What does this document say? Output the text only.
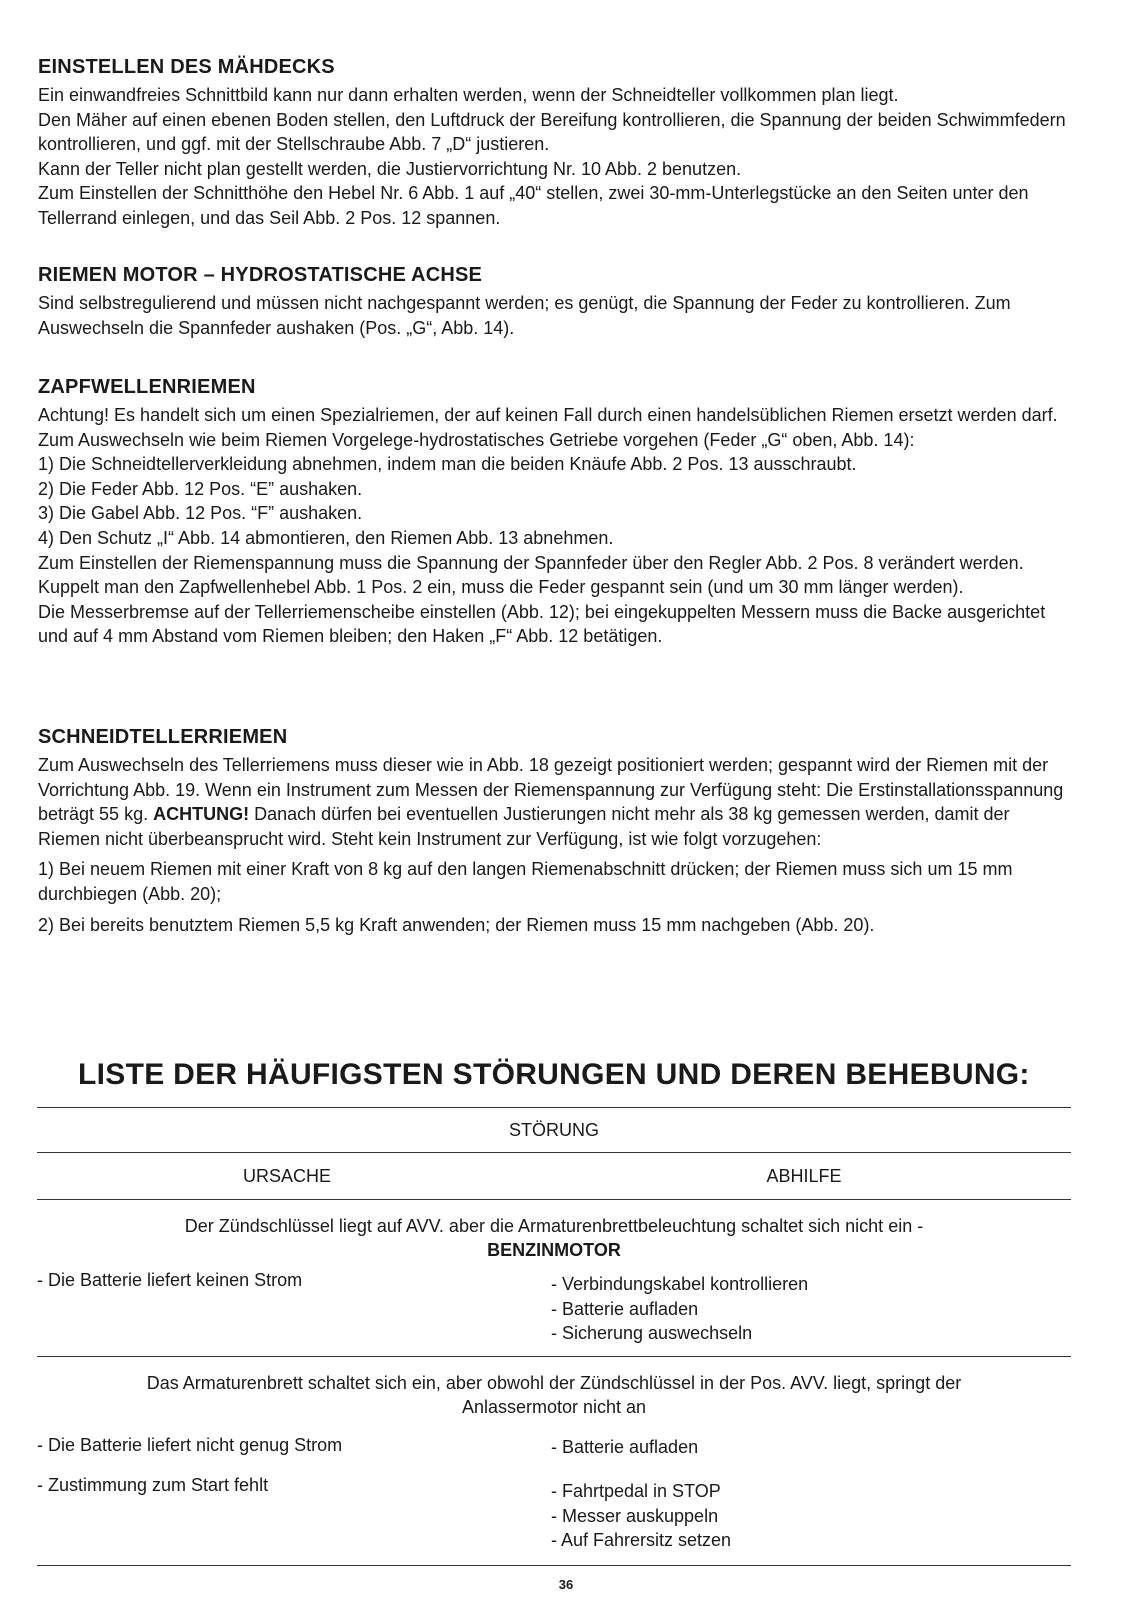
EINSTELLEN DES MÄHDECKS

Ein einwandfreies Schnittbild kann nur dann erhalten werden, wenn der Schneidteller vollkommen plan liegt.

Den Mäher auf einen ebenen Boden stellen, den Luftdruck der Bereifung kontrollieren, die Spannung der beiden Schwimmfedern kontrollieren, und ggf. mit der Stellschraube Abb. 7 „D“ justieren.

Kann der Teller nicht plan gestellt werden, die Justiervorrichtung Nr. 10 Abb. 2 benutzen.

Zum Einstellen der Schnitthöhe den Hebel Nr. 6 Abb. 1 auf „40“ stellen, zwei 30-mm-Unterlegstücke an den Seiten unter den Tellerrand einlegen, und das Seil Abb. 2 Pos. 12 spannen.

RIEMEN MOTOR – HYDROSTATISCHE ACHSE

Sind selbstregulierend und müssen nicht nachgespannt werden; es genügt, die Spannung der Feder zu kontrollieren. Zum Auswechseln die Spannfeder aushaken (Pos. „G“, Abb. 14).

ZAPFWELLENRIEMEN

Achtung! Es handelt sich um einen Spezialriemen, der auf keinen Fall durch einen handelsüblichen Riemen ersetzt werden darf.

Zum Auswechseln wie beim Riemen Vorgelege-hydrostatisches Getriebe vorgehen (Feder „G“ oben, Abb. 14):

1) Die Schneidtellerverkleidung abnehmen, indem man die beiden Knäufe Abb. 2 Pos. 13 ausschraubt.

2) Die Feder Abb. 12 Pos. “E” aushaken.

3) Die Gabel Abb. 12 Pos. “F” aushaken.

4) Den Schutz „I“ Abb. 14 abmontieren, den Riemen Abb. 13 abnehmen.

Zum Einstellen der Riemenspannung muss die Spannung der Spannfeder über den Regler Abb. 2 Pos. 8 verändert werden. Kuppelt man den Zapfwellenhebel Abb. 1 Pos. 2 ein, muss die Feder gespannt sein (und um 30 mm länger werden).

Die Messerbremse auf der Tellerriemenscheibe einstellen (Abb. 12); bei eingekuppelten Messern muss die Backe ausgerichtet und auf 4 mm Abstand vom Riemen bleiben; den Haken „F“ Abb. 12 betätigen.

SCHNEIDTELLERRIEMEN

Zum Auswechseln des Tellerriemens muss dieser wie in Abb. 18 gezeigt positioniert werden; gespannt wird der Riemen mit der Vorrichtung Abb. 19. Wenn ein Instrument zum Messen der Riemenspannung zur Verfügung steht: Die Erstinstallationsspannung beträgt 55 kg. ACHTUNG! Danach dürfen bei eventuellen Justierungen nicht mehr als 38 kg gemessen werden, damit der Riemen nicht überbeansprucht wird. Steht kein Instrument zur Verfügung, ist wie folgt vorzugehen:

1) Bei neuem Riemen mit einer Kraft von 8 kg auf den langen Riemenabschnitt drücken; der Riemen muss sich um 15 mm durchbiegen (Abb. 20);

2) Bei bereits benutztem Riemen 5,5 kg Kraft anwenden; der Riemen muss 15 mm nachgeben (Abb. 20).

LISTE DER HÄUFIGSTEN STÖRUNGEN UND DEREN BEHEBUNG:
STÖRUNG
URSACHE	ABHILFE
Der Zündschlüssel liegt auf AVV. aber die Armaturenbrettbeleuchtung schaltet sich nicht ein -
BENZINMOTOR
- Die Batterie liefert keinen Strom	- Verbindungskabel kontrollieren
- Batterie aufladen
- Sicherung auswechseln
Das Armaturenbrett schaltet sich ein, aber obwohl der Zündschlüssel in der Pos. AVV. liegt, springt der Anlassermotor nicht an
- Die Batterie liefert nicht genug Strom	- Batterie aufladen
- Zustimmung zum Start fehlt	- Fahrtpedal in STOP
- Messer auskuppeln
- Auf Fahrersitz setzen
36
